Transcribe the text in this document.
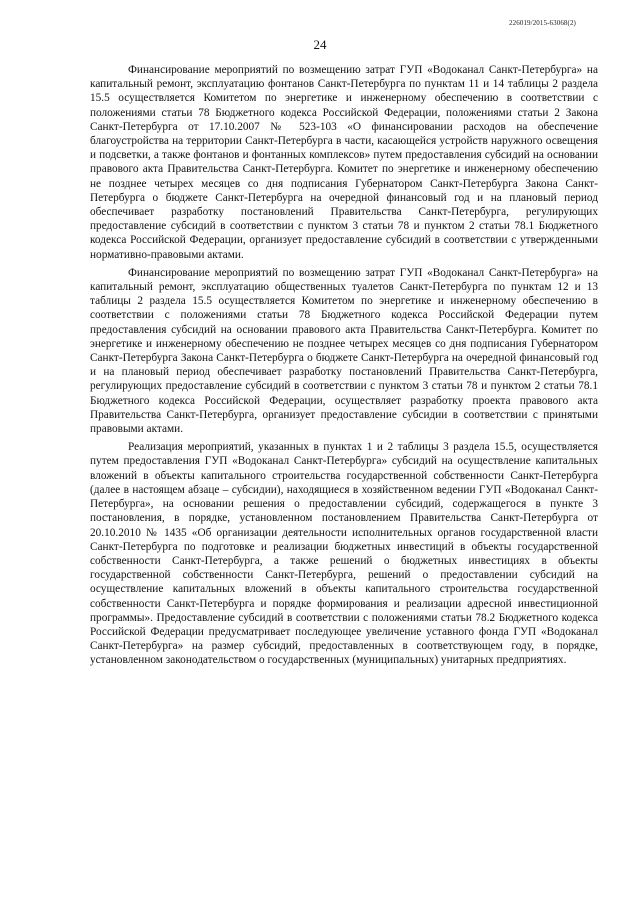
226019/2015-63068(2)
24

Финансирование мероприятий по возмещению затрат ГУП «Водоканал Санкт-Петербурга» на капитальный ремонт, эксплуатацию фонтанов Санкт-Петербурга по пунктам 11 и 14 таблицы 2 раздела 15.5 осуществляется Комитетом по энергетике и инженерному обеспечению в соответствии с положениями статьи 78 Бюджетного кодекса Российской Федерации, положениями статьи 2 Закона Санкт-Петербурга от 17.10.2007 № 523-103 «О финансировании расходов на обеспечение благоустройства на территории Санкт-Петербурга в части, касающейся устройств наружного освещения и подсветки, а также фонтанов и фонтанных комплексов» путем предоставления субсидий на основании правового акта Правительства Санкт-Петербурга. Комитет по энергетике и инженерному обеспечению не позднее четырех месяцев со дня подписания Губернатором Санкт-Петербурга Закона Санкт-Петербурга о бюджете Санкт-Петербурга на очередной финансовый год и на плановый период обеспечивает разработку постановлений Правительства Санкт-Петербурга, регулирующих предоставление субсидий в соответствии с пунктом 3 статьи 78 и пунктом 2 статьи 78.1 Бюджетного кодекса Российской Федерации, организует предоставление субсидий в соответствии с утвержденными нормативно-правовыми актами.

Финансирование мероприятий по возмещению затрат ГУП «Водоканал Санкт-Петербурга» на капитальный ремонт, эксплуатацию общественных туалетов Санкт-Петербурга по пунктам 12 и 13 таблицы 2 раздела 15.5 осуществляется Комитетом по энергетике и инженерному обеспечению в соответствии с положениями статьи 78 Бюджетного кодекса Российской Федерации путем предоставления субсидий на основании правового акта Правительства Санкт-Петербурга. Комитет по энергетике и инженерному обеспечению не позднее четырех месяцев со дня подписания Губернатором Санкт-Петербурга Закона Санкт-Петербурга о бюджете Санкт-Петербурга на очередной финансовый год и на плановый период обеспечивает разработку постановлений Правительства Санкт-Петербурга, регулирующих предоставление субсидий в соответствии с пунктом 3 статьи 78 и пунктом 2 статьи 78.1 Бюджетного кодекса Российской Федерации, осуществляет разработку проекта правового акта Правительства Санкт-Петербурга, организует предоставление субсидии в соответствии с принятыми правовыми актами.

Реализация мероприятий, указанных в пунктах 1 и 2 таблицы 3 раздела 15.5, осуществляется путем предоставления ГУП «Водоканал Санкт-Петербурга» субсидий на осуществление капитальных вложений в объекты капитального строительства государственной собственности Санкт-Петербурга (далее в настоящем абзаце – субсидии), находящиеся в хозяйственном ведении ГУП «Водоканал Санкт-Петербурга», на основании решения о предоставлении субсидий, содержащегося в пункте 3 постановления, в порядке, установленном постановлением Правительства Санкт-Петербурга от 20.10.2010 № 1435 «Об организации деятельности исполнительных органов государственной власти Санкт-Петербурга по подготовке и реализации бюджетных инвестиций в объекты государственной собственности Санкт-Петербурга, а также решений о бюджетных инвестициях в объекты государственной собственности Санкт-Петербурга, решений о предоставлении субсидий на осуществление капитальных вложений в объекты капитального строительства государственной собственности Санкт-Петербурга и порядке формирования и реализации адресной инвестиционной программы». Предоставление субсидий в соответствии с положениями статьи 78.2 Бюджетного кодекса Российской Федерации предусматривает последующее увеличение уставного фонда ГУП «Водоканал Санкт-Петербурга» на размер субсидий, предоставленных в соответствующем году, в порядке, установленном законодательством о государственных (муниципальных) унитарных предприятиях.
